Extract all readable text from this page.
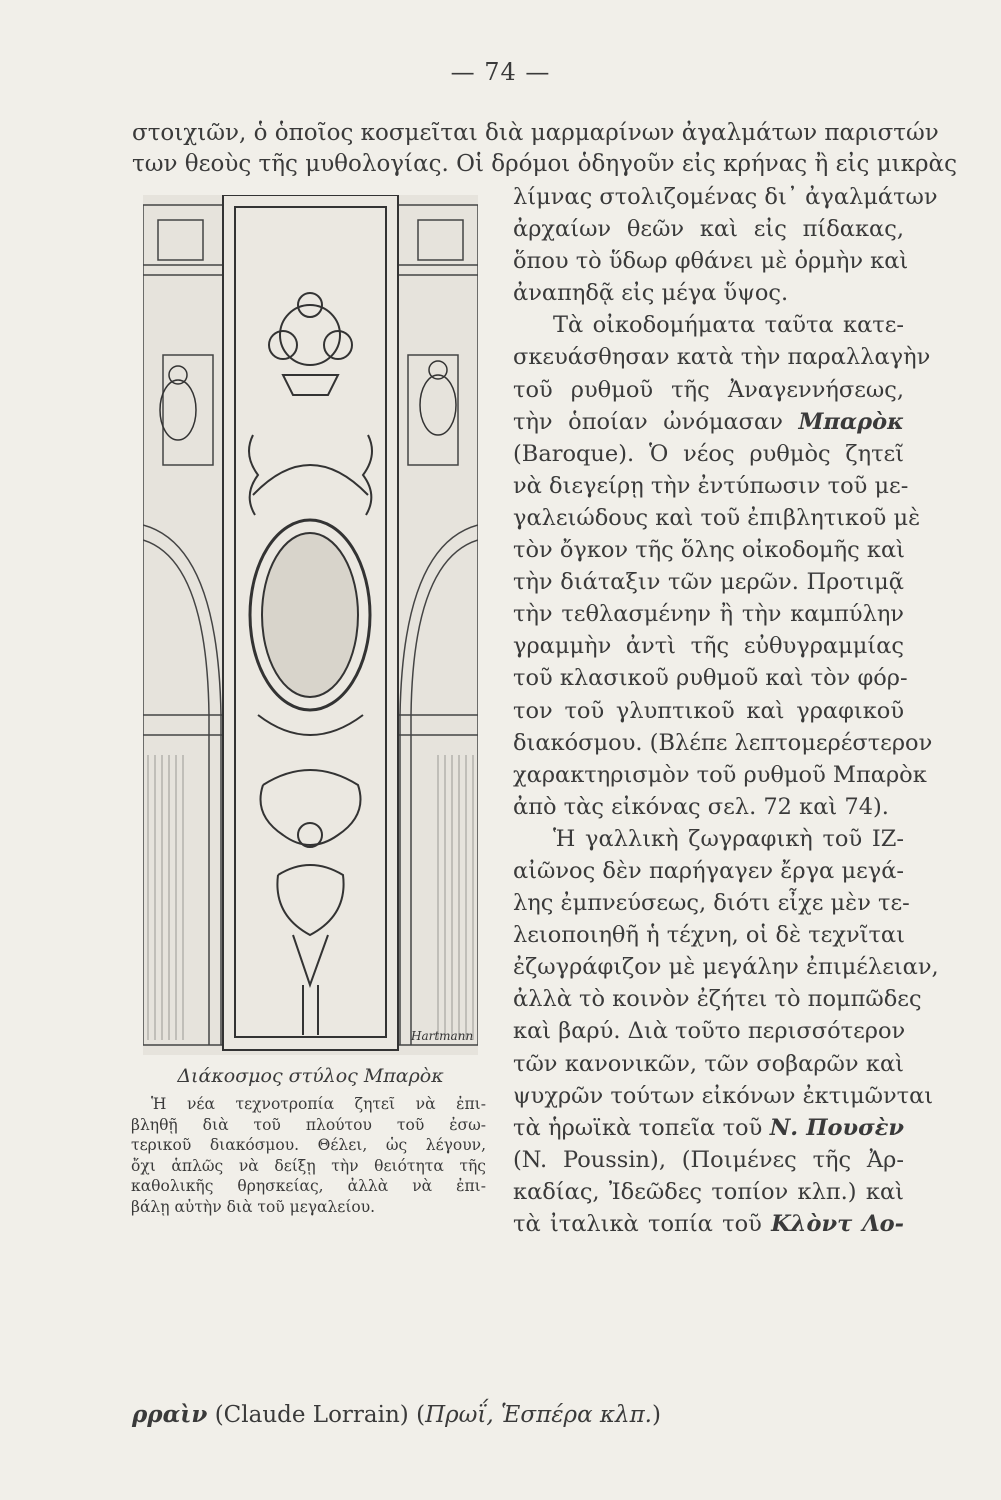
— 74 —
στοιχιῶν, ὁ ὁποῖος κοσμεῖται διὰ μαρμαρίνων ἀγαλμάτων παριστών
των θεοὺς τῆς μυθολογίας. Οἱ δρόμοι ὁδηγοῦν εἰς κρήνας ἢ εἰς μικρὰς
λίμνας στολιζομένας δι᾽ ἀγαλμάτων
ἀρχαίων θεῶν καὶ εἰς πίδακας,
ὅπου τὸ ὕδωρ φθάνει μὲ ὁρμὴν καὶ
ἀναπηδᾷ εἰς μέγα ὕψος.
Τὰ οἰκοδομήματα ταῦτα κατε-
σκευάσθησαν κατὰ τὴν παραλλαγὴν
τοῦ ρυθμοῦ τῆς Ἀναγεννήσεως,
τὴν ὁποίαν ὠνόμασαν Μπαρὸκ
(Baroque). Ὁ νέος ρυθμὸς ζητεῖ
νὰ διεγείρῃ τὴν ἐντύπωσιν τοῦ με-
γαλειώδους καὶ τοῦ ἐπιβλητικοῦ μὲ
τὸν ὄγκον τῆς ὅλης οἰκοδομῆς καὶ
τὴν διάταξιν τῶν μερῶν. Προτιμᾷ
τὴν τεθλασμένην ἢ τὴν καμπύλην
γραμμὴν ἀντὶ τῆς εὐθυγραμμίας
τοῦ κλασικοῦ ρυθμοῦ καὶ τὸν φόρ-
τον τοῦ γλυπτικοῦ καὶ γραφικοῦ
διακόσμου. (Βλέπε λεπτομερέστερον
χαρακτηρισμὸν τοῦ ρυθμοῦ Μπαρὸκ
ἀπὸ τὰς εἰκόνας σελ. 72 καὶ 74).
Ἡ γαλλικὴ ζωγραφικὴ τοῦ ΙΖ-
αἰῶνος δὲν παρήγαγεν ἔργα μεγά-
λης ἐμπνεύσεως, διότι εἶχε μὲν τε-
λειοποιηθῆ ἡ τέχνη, οἱ δὲ τεχνῖται
ἐζωγράφιζον μὲ μεγάλην ἐπιμέλειαν,
ἀλλὰ τὸ κοινὸν ἐζήτει τὸ πομπῶδες
καὶ βαρύ. Διὰ τοῦτο περισσότερον
τῶν κανονικῶν, τῶν σοβαρῶν καὶ
ψυχρῶν τούτων εἰκόνων ἐκτιμῶνται
τὰ ἡρωϊκὰ τοπεῖα τοῦ Ν. Πουσὲν
(N. Poussin), (Ποιμένες τῆς Ἀρ-
καδίας, Ἰδεῶδες τοπίον κλπ.) καὶ
τὰ ἰταλικὰ τοπία τοῦ Κλὸντ Λο-
ρραὶν (Claude Lorrain) (Πρωΐ, Ἑσπέρα κλπ.)
Hartmann
Διάκοσμος στύλος Μπαρὸκ
Ἡ νέα τεχνοτροπία ζητεῖ νὰ ἐπι-
βληθῇ διὰ τοῦ πλούτου τοῦ ἐσω-
τερικοῦ διακόσμου. Θέλει, ὡς λέγουν,
ὄχι ἁπλῶς νὰ δείξῃ τὴν θειότητα τῆς
καθολικῆς θρησκείας, ἀλλὰ νὰ ἐπι-
βάλῃ αὐτὴν διὰ τοῦ μεγαλείου.
